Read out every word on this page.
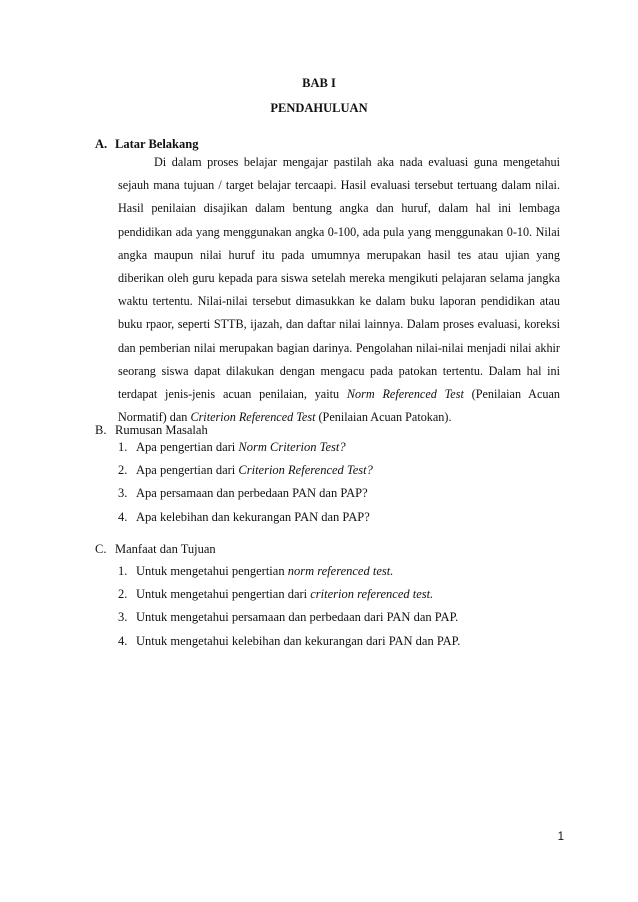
BAB I
PENDAHULUAN
A. Latar Belakang

Di dalam proses belajar mengajar pastilah aka nada evaluasi guna mengetahui sejauh mana tujuan / target belajar tercaapi. Hasil evaluasi tersebut tertuang dalam nilai. Hasil penilaian disajikan dalam bentung angka dan huruf, dalam hal ini lembaga pendidikan ada yang menggunakan angka 0-100, ada pula yang menggunakan 0-10. Nilai angka maupun nilai huruf itu pada umumnya merupakan hasil tes atau ujian yang diberikan oleh guru kepada para siswa setelah mereka mengikuti pelajaran selama jangka waktu tertentu. Nilai-nilai tersebut dimasukkan ke dalam buku laporan pendidikan atau buku rpaor, seperti STTB, ijazah, dan daftar nilai lainnya. Dalam proses evaluasi, koreksi dan pemberian nilai merupakan bagian darinya. Pengolahan nilai-nilai menjadi nilai akhir seorang siswa dapat dilakukan dengan mengacu pada patokan tertentu. Dalam hal ini terdapat jenis-jenis acuan penilaian, yaitu Norm Referenced Test (Penilaian Acuan Normatif) dan Criterion Referenced Test (Penilaian Acuan Patokan).

B. Rumusan Masalah
1. Apa pengertian dari Norm Criterion Test?
2. Apa pengertian dari Criterion Referenced Test?
3. Apa persamaan dan perbedaan PAN dan PAP?
4. Apa kelebihan dan kekurangan PAN dan PAP?
C. Manfaat dan Tujuan
1. Untuk mengetahui pengertian norm referenced test.
2. Untuk mengetahui pengertian dari criterion referenced test.
3. Untuk mengetahui persamaan dan perbedaan dari PAN dan PAP.
4. Untuk mengetahui kelebihan dan kekurangan dari PAN dan PAP.
1
